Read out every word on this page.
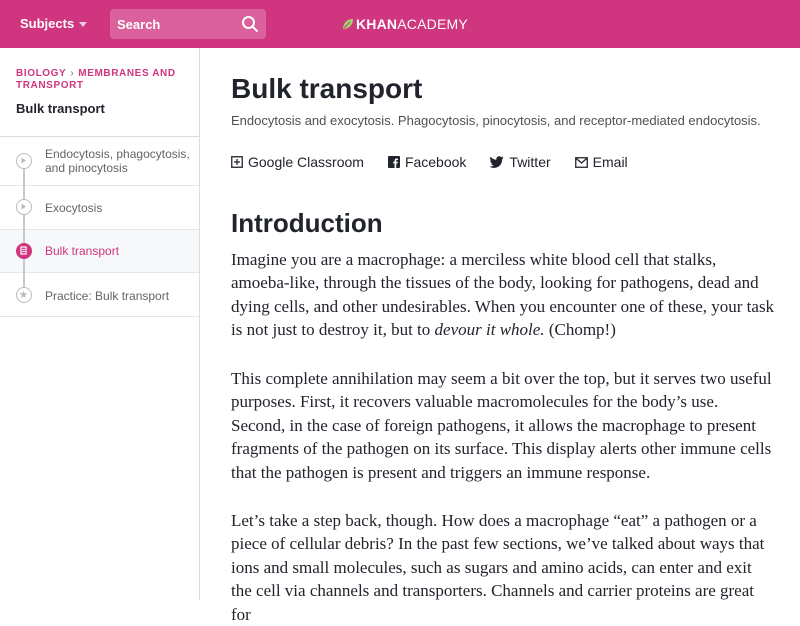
Subjects
Search	KHAN ACADEMY
BIOLOGY › MEMBRANES AND TRANSPORT
Bulk transport
Endocytosis, phagocytosis, and pinocytosis
Exocytosis
Bulk transport
Practice: Bulk transport
Bulk transport
Endocytosis and exocytosis. Phagocytosis, pinocytosis, and receptor-mediated endocytosis.
Google Classroom	Facebook	Twitter	Email
Introduction

Imagine you are a macrophage: a merciless white blood cell that stalks, amoeba-like, through the tissues of the body, looking for pathogens, dead and dying cells, and other undesirables. When you encounter one of these, your task is not just to destroy it, but to devour it whole. (Chomp!)

This complete annihilation may seem a bit over the top, but it serves two useful purposes. First, it recovers valuable macromolecules for the body’s use. Second, in the case of foreign pathogens, it allows the macrophage to present fragments of the pathogen on its surface. This display alerts other immune cells that the pathogen is present and triggers an immune response.

Let’s take a step back, though. How does a macrophage “eat” a pathogen or a piece of cellular debris? In the past few sections, we’ve talked about ways that ions and small molecules, such as sugars and amino acids, can enter and exit the cell via channels and transporters. Channels and carrier proteins are great for
